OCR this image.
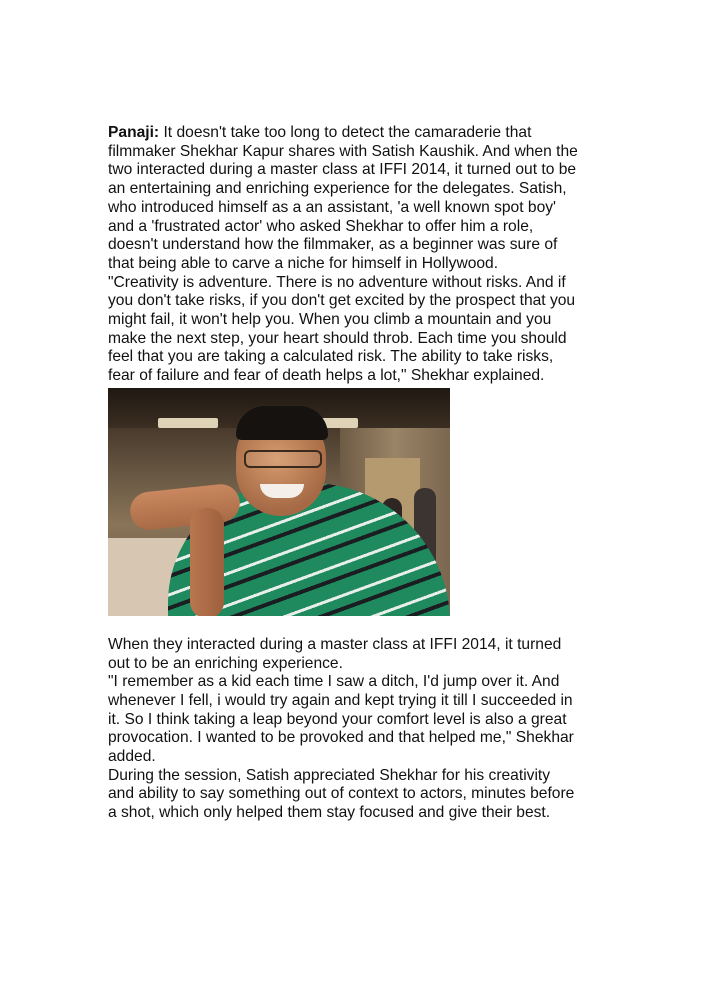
Panaji: It doesn't take too long to detect the camaraderie that filmmaker Shekhar Kapur shares with Satish Kaushik. And when the two interacted during a master class at IFFI 2014, it turned out to be an entertaining and enriching experience for the delegates. Satish, who introduced himself as a an assistant, 'a well known spot boy' and a 'frustrated actor' who asked Shekhar to offer him a role, doesn't understand how the filmmaker, as a beginner was sure of that being able to carve a niche for himself in Hollywood.

"Creativity is adventure. There is no adventure without risks. And if you don't take risks, if you don't get excited by the prospect that you might fail, it won't help you. When you climb a mountain and you make the next step, your heart should throb. Each time you should feel that you are taking a calculated risk. The ability to take risks, fear of failure and fear of death helps a lot," Shekhar explained.

When they interacted during a master class at IFFI 2014, it turned out to be an enriching experience.

"I remember as a kid each time I saw a ditch, I'd jump over it. And whenever I fell, i would try again and kept trying it till I succeeded in it. So I think taking a leap beyond your comfort level is also a great provocation. I wanted to be provoked and that helped me," Shekhar added.

During the session, Satish appreciated Shekhar for his creativity and ability to say something out of context to actors, minutes before a shot, which only helped them stay focused and give their best.
